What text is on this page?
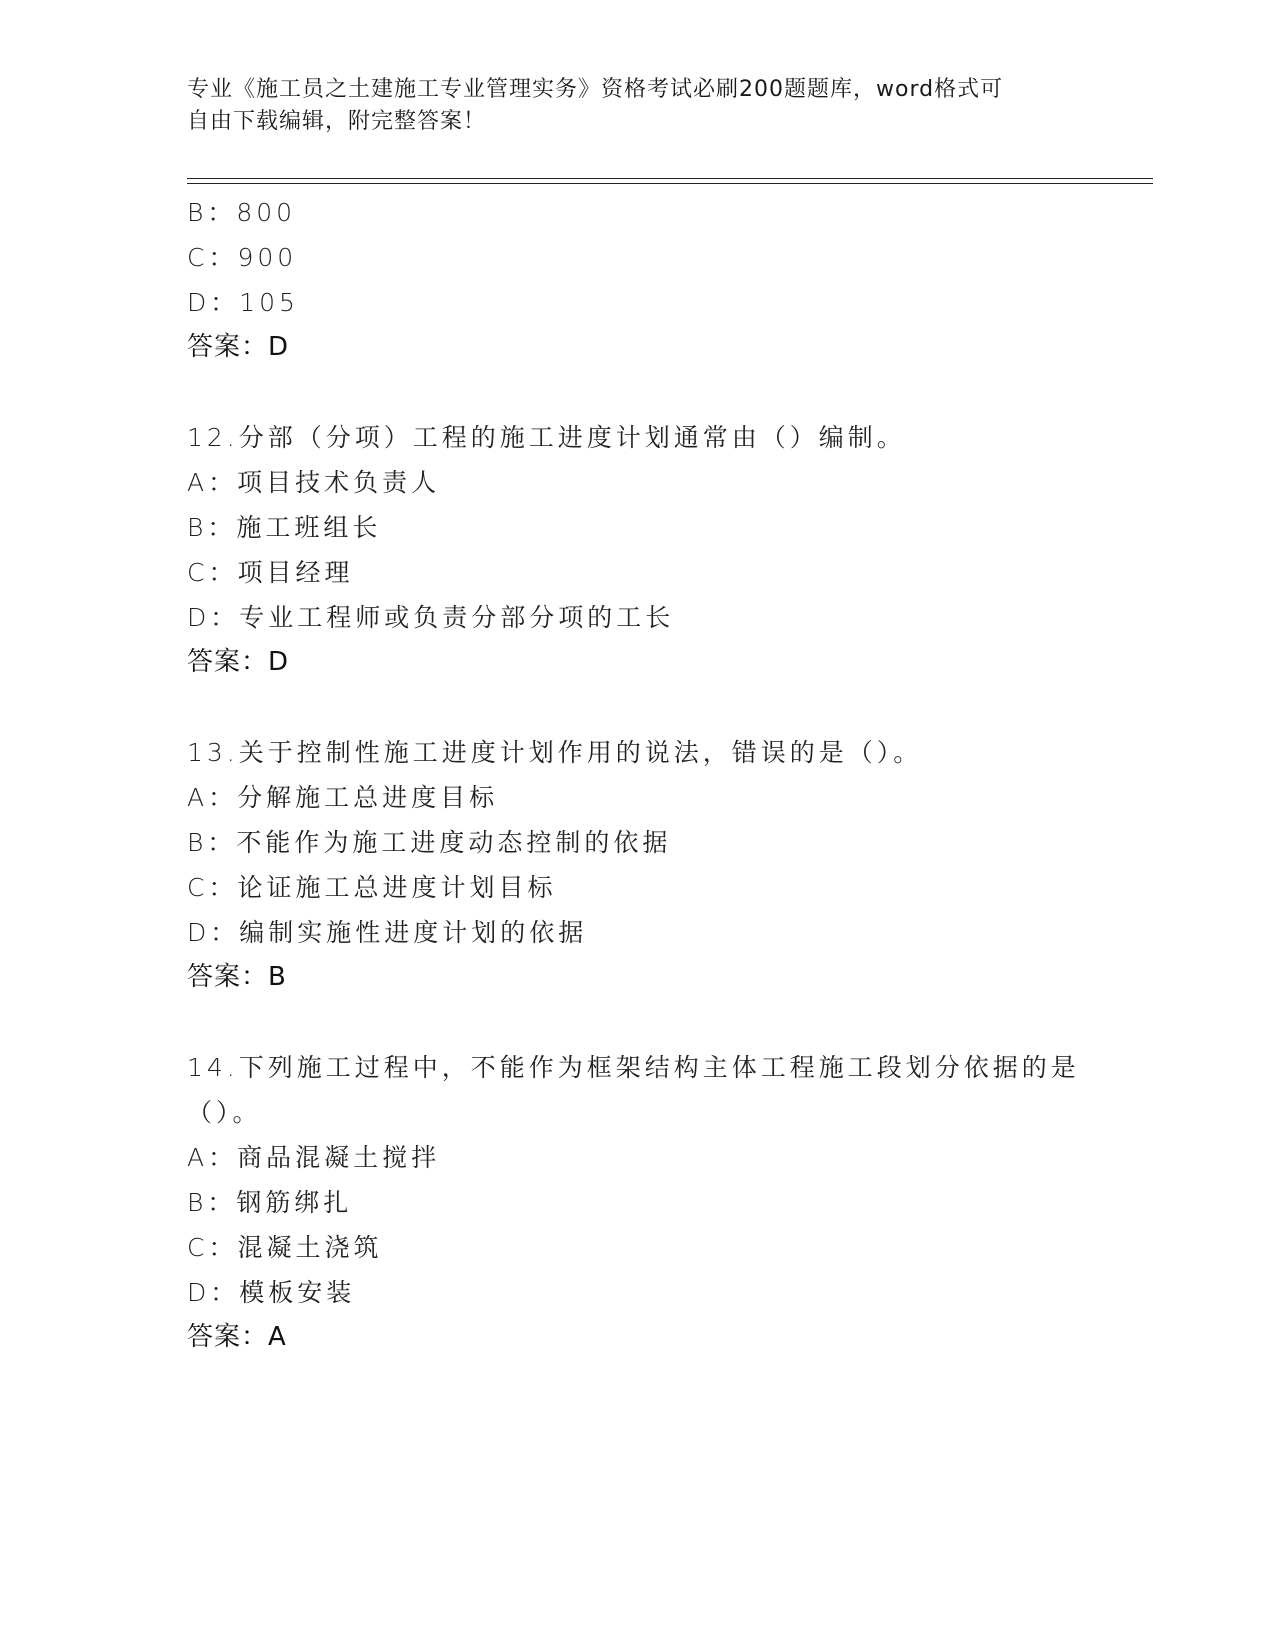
专业《施工员之土建施工专业管理实务》资格考试必刷200题题库，word格式可
自由下载编辑，附完整答案！
B：800
C：900
D：105
答案：D
12.分部（分项）工程的施工进度计划通常由（）编制。
A：项目技术负责人
B：施工班组长
C：项目经理
D：专业工程师或负责分部分项的工长
答案：D
13.关于控制性施工进度计划作用的说法，错误的是（）。
A：分解施工总进度目标
B：不能作为施工进度动态控制的依据
C：论证施工总进度计划目标
D：编制实施性进度计划的依据
答案：B
14.下列施工过程中，不能作为框架结构主体工程施工段划分依据的是
（）。
A：商品混凝土搅拌
B：钢筋绑扎
C：混凝土浇筑
D：模板安装
答案：A
